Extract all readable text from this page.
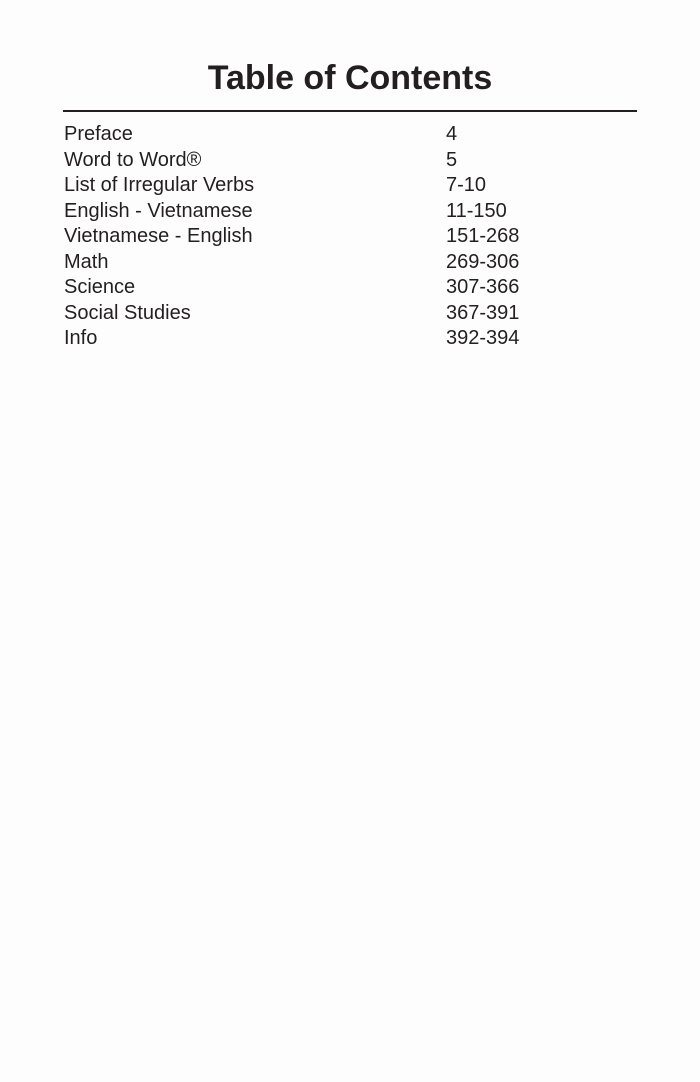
Table of Contents
Preface	4
Word to Word®	5
List of Irregular Verbs	7-10
English - Vietnamese	11-150
Vietnamese - English	151-268
Math	269-306
Science	307-366
Social Studies	367-391
Info	392-394
